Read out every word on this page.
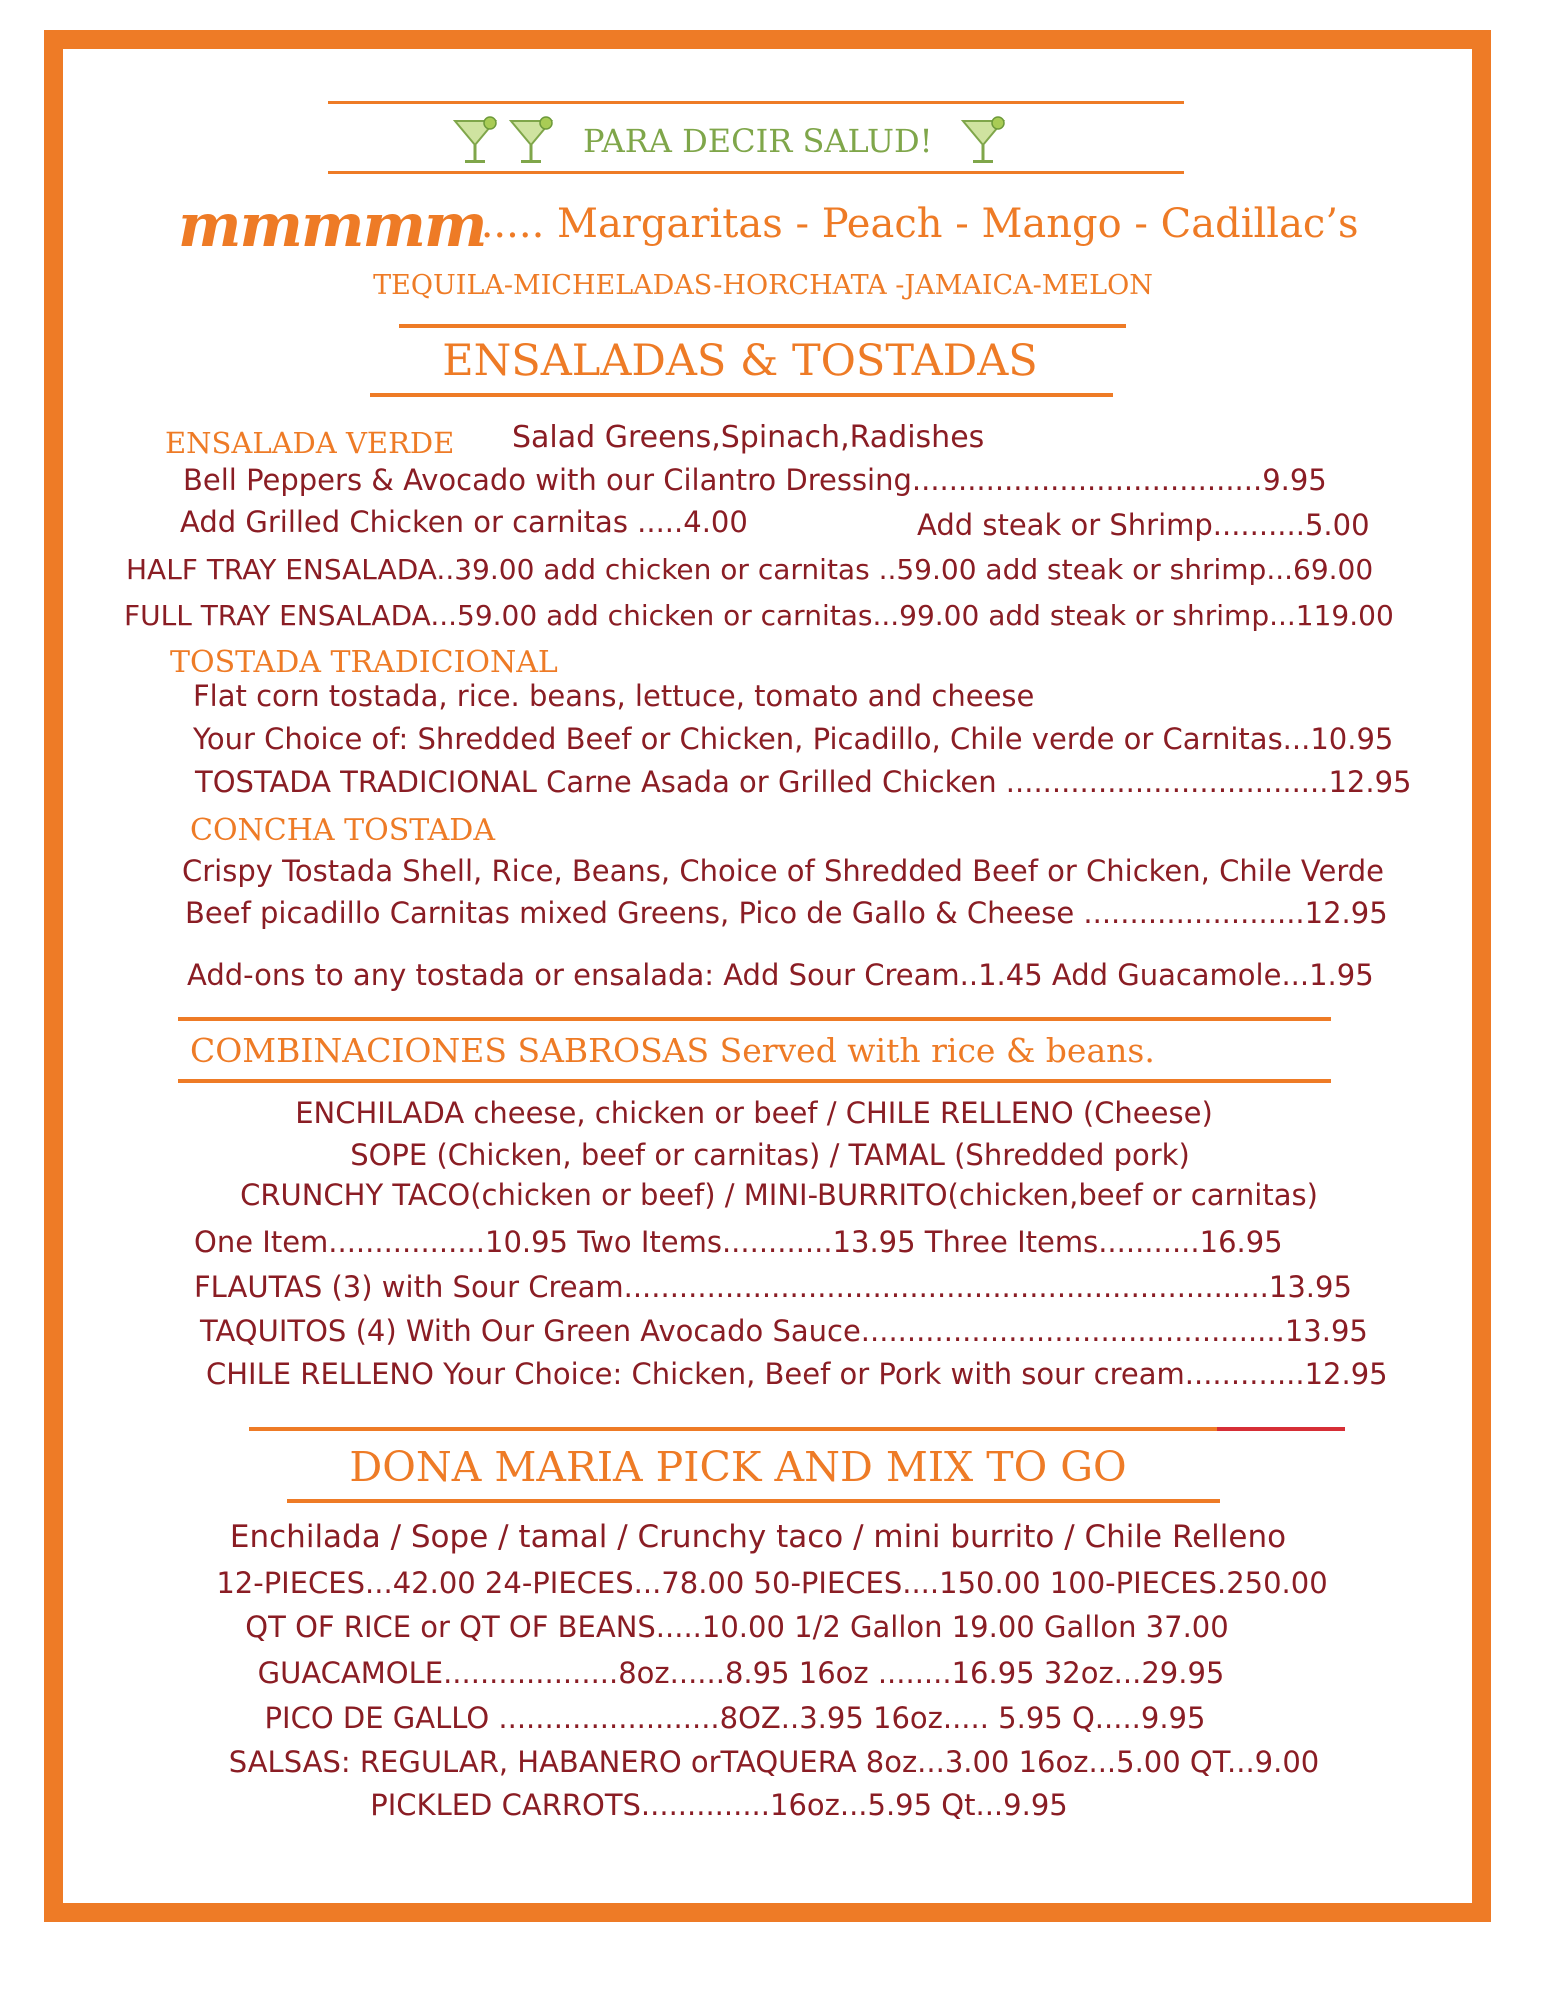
PARA DECIR SALUD!
mmmmm
...... Margaritas - Peach - Mango - Cadillac’s
TEQUILA-MICHELADAS-HORCHATA -JAMAICA-MELON
ENSALADAS & TOSTADAS
ENSALADA VERDE Salad Greens,Spinach,Radishes
Bell Peppers & Avocado with our Cilantro Dressing......................................9.95
Add Grilled Chicken or carnitas .....4.00	Add steak or Shrimp..........5.00
HALF TRAY ENSALADA..39.00 add chicken or carnitas ..59.00 add steak or shrimp...69.00
FULL TRAY ENSALADA...59.00 add chicken or carnitas...99.00 add steak or shrimp...119.00
TOSTADA TRADICIONAL
Flat corn tostada, rice. beans, lettuce, tomato and cheese
Your Choice of: Shredded Beef or Chicken, Picadillo, Chile verde or Carnitas...10.95
TOSTADA TRADICIONAL Carne Asada or Grilled Chicken ...................................12.95
CONCHA TOSTADA
Crispy Tostada Shell, Rice, Beans, Choice of Shredded Beef or Chicken, Chile Verde
Beef picadillo Carnitas mixed Greens, Pico de Gallo & Cheese ........................12.95
Add-ons to any tostada or ensalada: Add Sour Cream..1.45 Add Guacamole...1.95
COMBINACIONES SABROSAS Served with rice & beans.
ENCHILADA cheese, chicken or beef / CHILE RELLENO (Cheese)
SOPE (Chicken, beef or carnitas) / TAMAL (Shredded pork)
CRUNCHY TACO(chicken or beef) / MINI-BURRITO(chicken,beef or carnitas)
One Item.................10.95 Two Items............13.95 Three Items...........16.95
FLAUTAS (3) with Sour Cream......................................................................13.95
TAQUITOS (4) With Our Green Avocado Sauce..............................................13.95
CHILE RELLENO Your Choice: Chicken, Beef or Pork with sour cream.............12.95
DONA MARIA PICK AND MIX TO GO
Enchilada / Sope / tamal / Crunchy taco / mini burrito / Chile Relleno
12-PIECES...42.00 24-PIECES...78.00 50-PIECES....150.00 100-PIECES.250.00
QT OF RICE or QT OF BEANS.....10.00 1/2 Gallon 19.00 Gallon 37.00
GUACAMOLE...................8oz......8.95 16oz ........16.95 32oz...29.95
PICO DE GALLO ........................8OZ..3.95 16oz..... 5.95 Q.....9.95
SALSAS: REGULAR, HABANERO orTAQUERA 8oz...3.00 16oz...5.00 QT...9.00
PICKLED CARROTS..............16oz...5.95 Qt...9.95
